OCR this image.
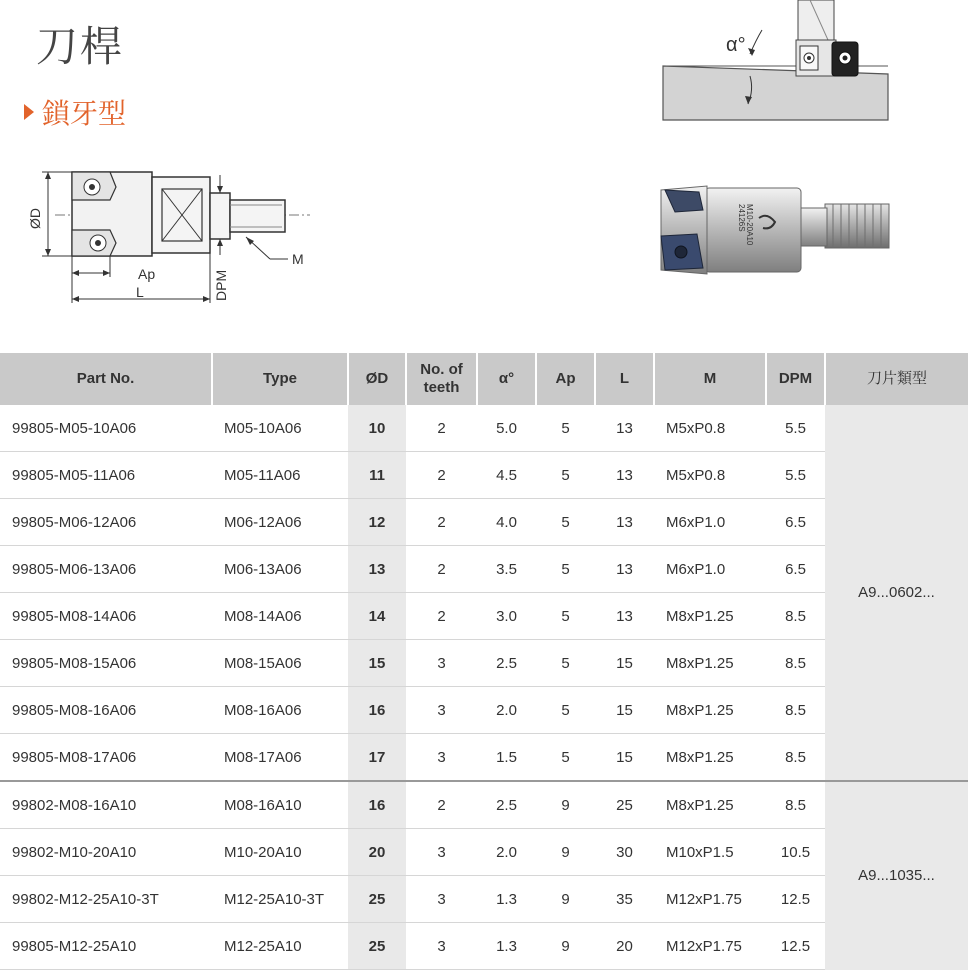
刀桿
鎖牙型
DPM
M
ØD
Ap
L
α°
M10-20A10
24126S
Part No.	Type	ØD	No. of teeth	α°	Ap	L	M	DPM	刀片類型
99805-M05-10A06	M05-10A06	10	2	5.0	5	13	M5xP0.8	5.5	A9...0602...
99805-M05-11A06	M05-11A06	11	2	4.5	5	13	M5xP0.8	5.5	
99805-M06-12A06	M06-12A06	12	2	4.0	5	13	M6xP1.0	6.5	
99805-M06-13A06	M06-13A06	13	2	3.5	5	13	M6xP1.0	6.5	
99805-M08-14A06	M08-14A06	14	2	3.0	5	13	M8xP1.25	8.5	
99805-M08-15A06	M08-15A06	15	3	2.5	5	15	M8xP1.25	8.5	
99805-M08-16A06	M08-16A06	16	3	2.0	5	15	M8xP1.25	8.5	
99805-M08-17A06	M08-17A06	17	3	1.5	5	15	M8xP1.25	8.5	
99802-M08-16A10	M08-16A10	16	2	2.5	9	25	M8xP1.25	8.5	A9...1035...
99802-M10-20A10	M10-20A10	20	3	2.0	9	30	M10xP1.5	10.5	
99802-M12-25A10-3T	M12-25A10-3T	25	3	1.3	9	35	M12xP1.75	12.5	
99805-M12-25A10	M12-25A10	25	3	1.3	9	20	M12xP1.75	12.5	
